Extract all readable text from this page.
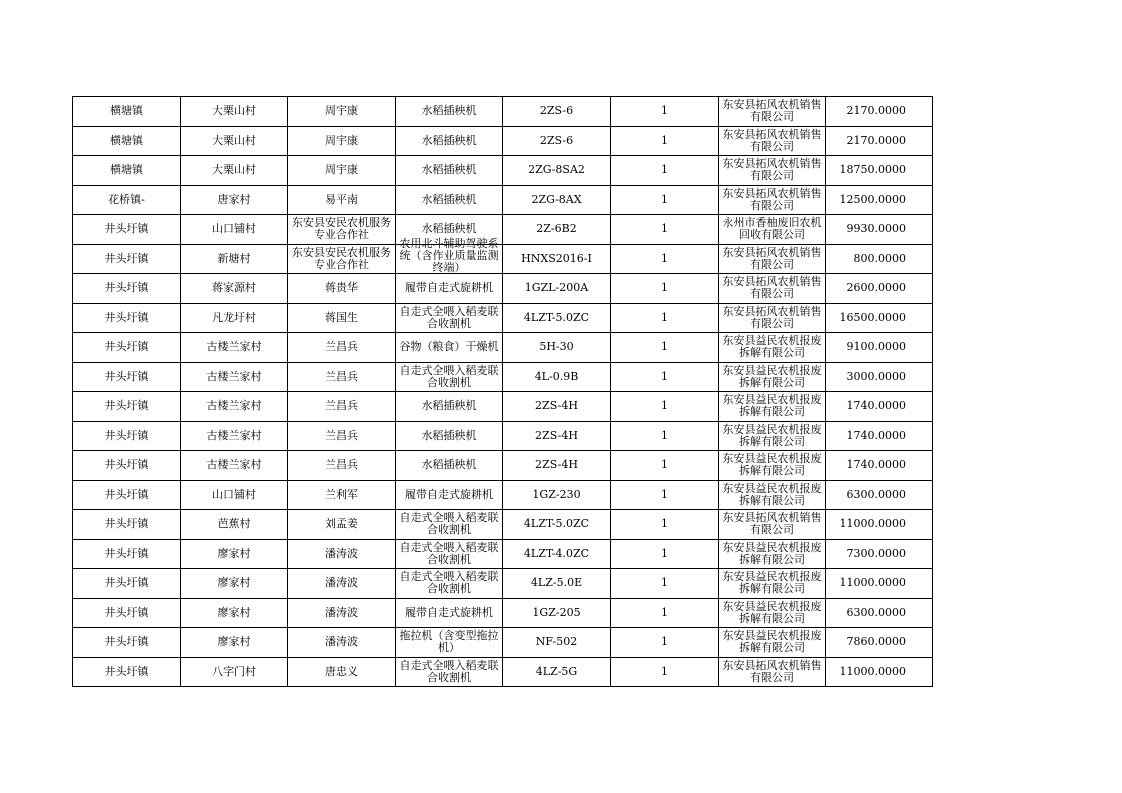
横塘镇	大栗山村	周宇康	水稻插秧机	2ZS-6	1	东安县拓风农机销售有限公司	2170.0000
横塘镇	大栗山村	周宇康	水稻插秧机	2ZS-6	1	东安县拓风农机销售有限公司	2170.0000
横塘镇	大栗山村	周宇康	水稻插秧机	2ZG-8SA2	1	东安县拓风农机销售有限公司	18750.0000
花桥镇-	唐家村	易平南	水稻插秧机	2ZG-8AX	1	东安县拓风农机销售有限公司	12500.0000
井头圩镇	山口铺村	东安县安民农机服务专业合作社	水稻插秧机	2Z-6B2	1	永州市香柚废旧农机回收有限公司	9930.0000
井头圩镇	新塘村	东安县安民农机服务专业合作社	农用北斗辅助驾驶系统（含作业质量监测终端）	HNXS2016-I	1	东安县拓风农机销售有限公司	800.0000
井头圩镇	蒋家源村	蒋贵华	履带自走式旋耕机	1GZL-200A	1	东安县拓风农机销售有限公司	2600.0000
井头圩镇	凡龙圩村	蒋国生	自走式全喂入稻麦联合收割机	4LZT-5.0ZC	1	东安县拓风农机销售有限公司	16500.0000
井头圩镇	古楼兰家村	兰昌兵	谷物（粮食）干燥机	5H-30	1	东安县益民农机报废拆解有限公司	9100.0000
井头圩镇	古楼兰家村	兰昌兵	自走式全喂入稻麦联合收割机	4L-0.9B	1	东安县益民农机报废拆解有限公司	3000.0000
井头圩镇	古楼兰家村	兰昌兵	水稻插秧机	2ZS-4H	1	东安县益民农机报废拆解有限公司	1740.0000
井头圩镇	古楼兰家村	兰昌兵	水稻插秧机	2ZS-4H	1	东安县益民农机报废拆解有限公司	1740.0000
井头圩镇	古楼兰家村	兰昌兵	水稻插秧机	2ZS-4H	1	东安县益民农机报废拆解有限公司	1740.0000
井头圩镇	山口铺村	兰利军	履带自走式旋耕机	1GZ-230	1	东安县益民农机报废拆解有限公司	6300.0000
井头圩镇	芭蕉村	刘孟姜	自走式全喂入稻麦联合收割机	4LZT-5.0ZC	1	东安县拓风农机销售有限公司	11000.0000
井头圩镇	廖家村	潘涛波	自走式全喂入稻麦联合收割机	4LZT-4.0ZC	1	东安县益民农机报废拆解有限公司	7300.0000
井头圩镇	廖家村	潘涛波	自走式全喂入稻麦联合收割机	4LZ-5.0E	1	东安县益民农机报废拆解有限公司	11000.0000
井头圩镇	廖家村	潘涛波	履带自走式旋耕机	1GZ-205	1	东安县益民农机报废拆解有限公司	6300.0000
井头圩镇	廖家村	潘涛波	拖拉机（含变型拖拉机）	NF-502	1	东安县益民农机报废拆解有限公司	7860.0000
井头圩镇	八字门村	唐忠义	自走式全喂入稻麦联合收割机	4LZ-5G	1	东安县拓风农机销售有限公司	11000.0000
